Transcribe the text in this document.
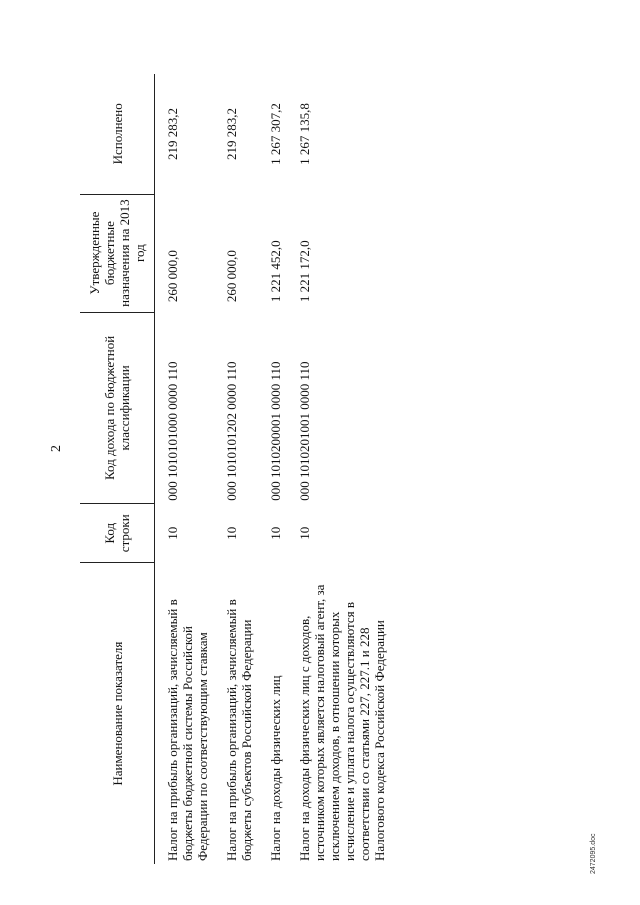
2
Наименование показателя	Код строки	Код дохода по бюджетной классификации	Утвержденные бюджетные назначения на 2013 год	Исполнено
Налог на прибыль организаций, зачисляемый в бюджеты бюджетной системы Российской Федерации по соответствующим ставкам	10	000 1010101000 0000 110	260 000,0	219 283,2
Налог на прибыль организаций, зачисляемый в бюджеты субъектов Российской Федерации	10	000 1010101202 0000 110	260 000,0	219 283,2
Налог на доходы физических лиц	10	000 1010200001 0000 110	1 221 452,0	1 267 307,2
Налог на доходы физических лиц с доходов, источником которых является налоговый агент, за исключением доходов, в отношении которых исчисление и уплата налога осуществляются в соответствии со статьями 227, 227.1 и 228 Налогового кодекса Российской Федерации	10	000 1010201001 0000 110	1 221 172,0	1 267 135,8
2472095.doc
